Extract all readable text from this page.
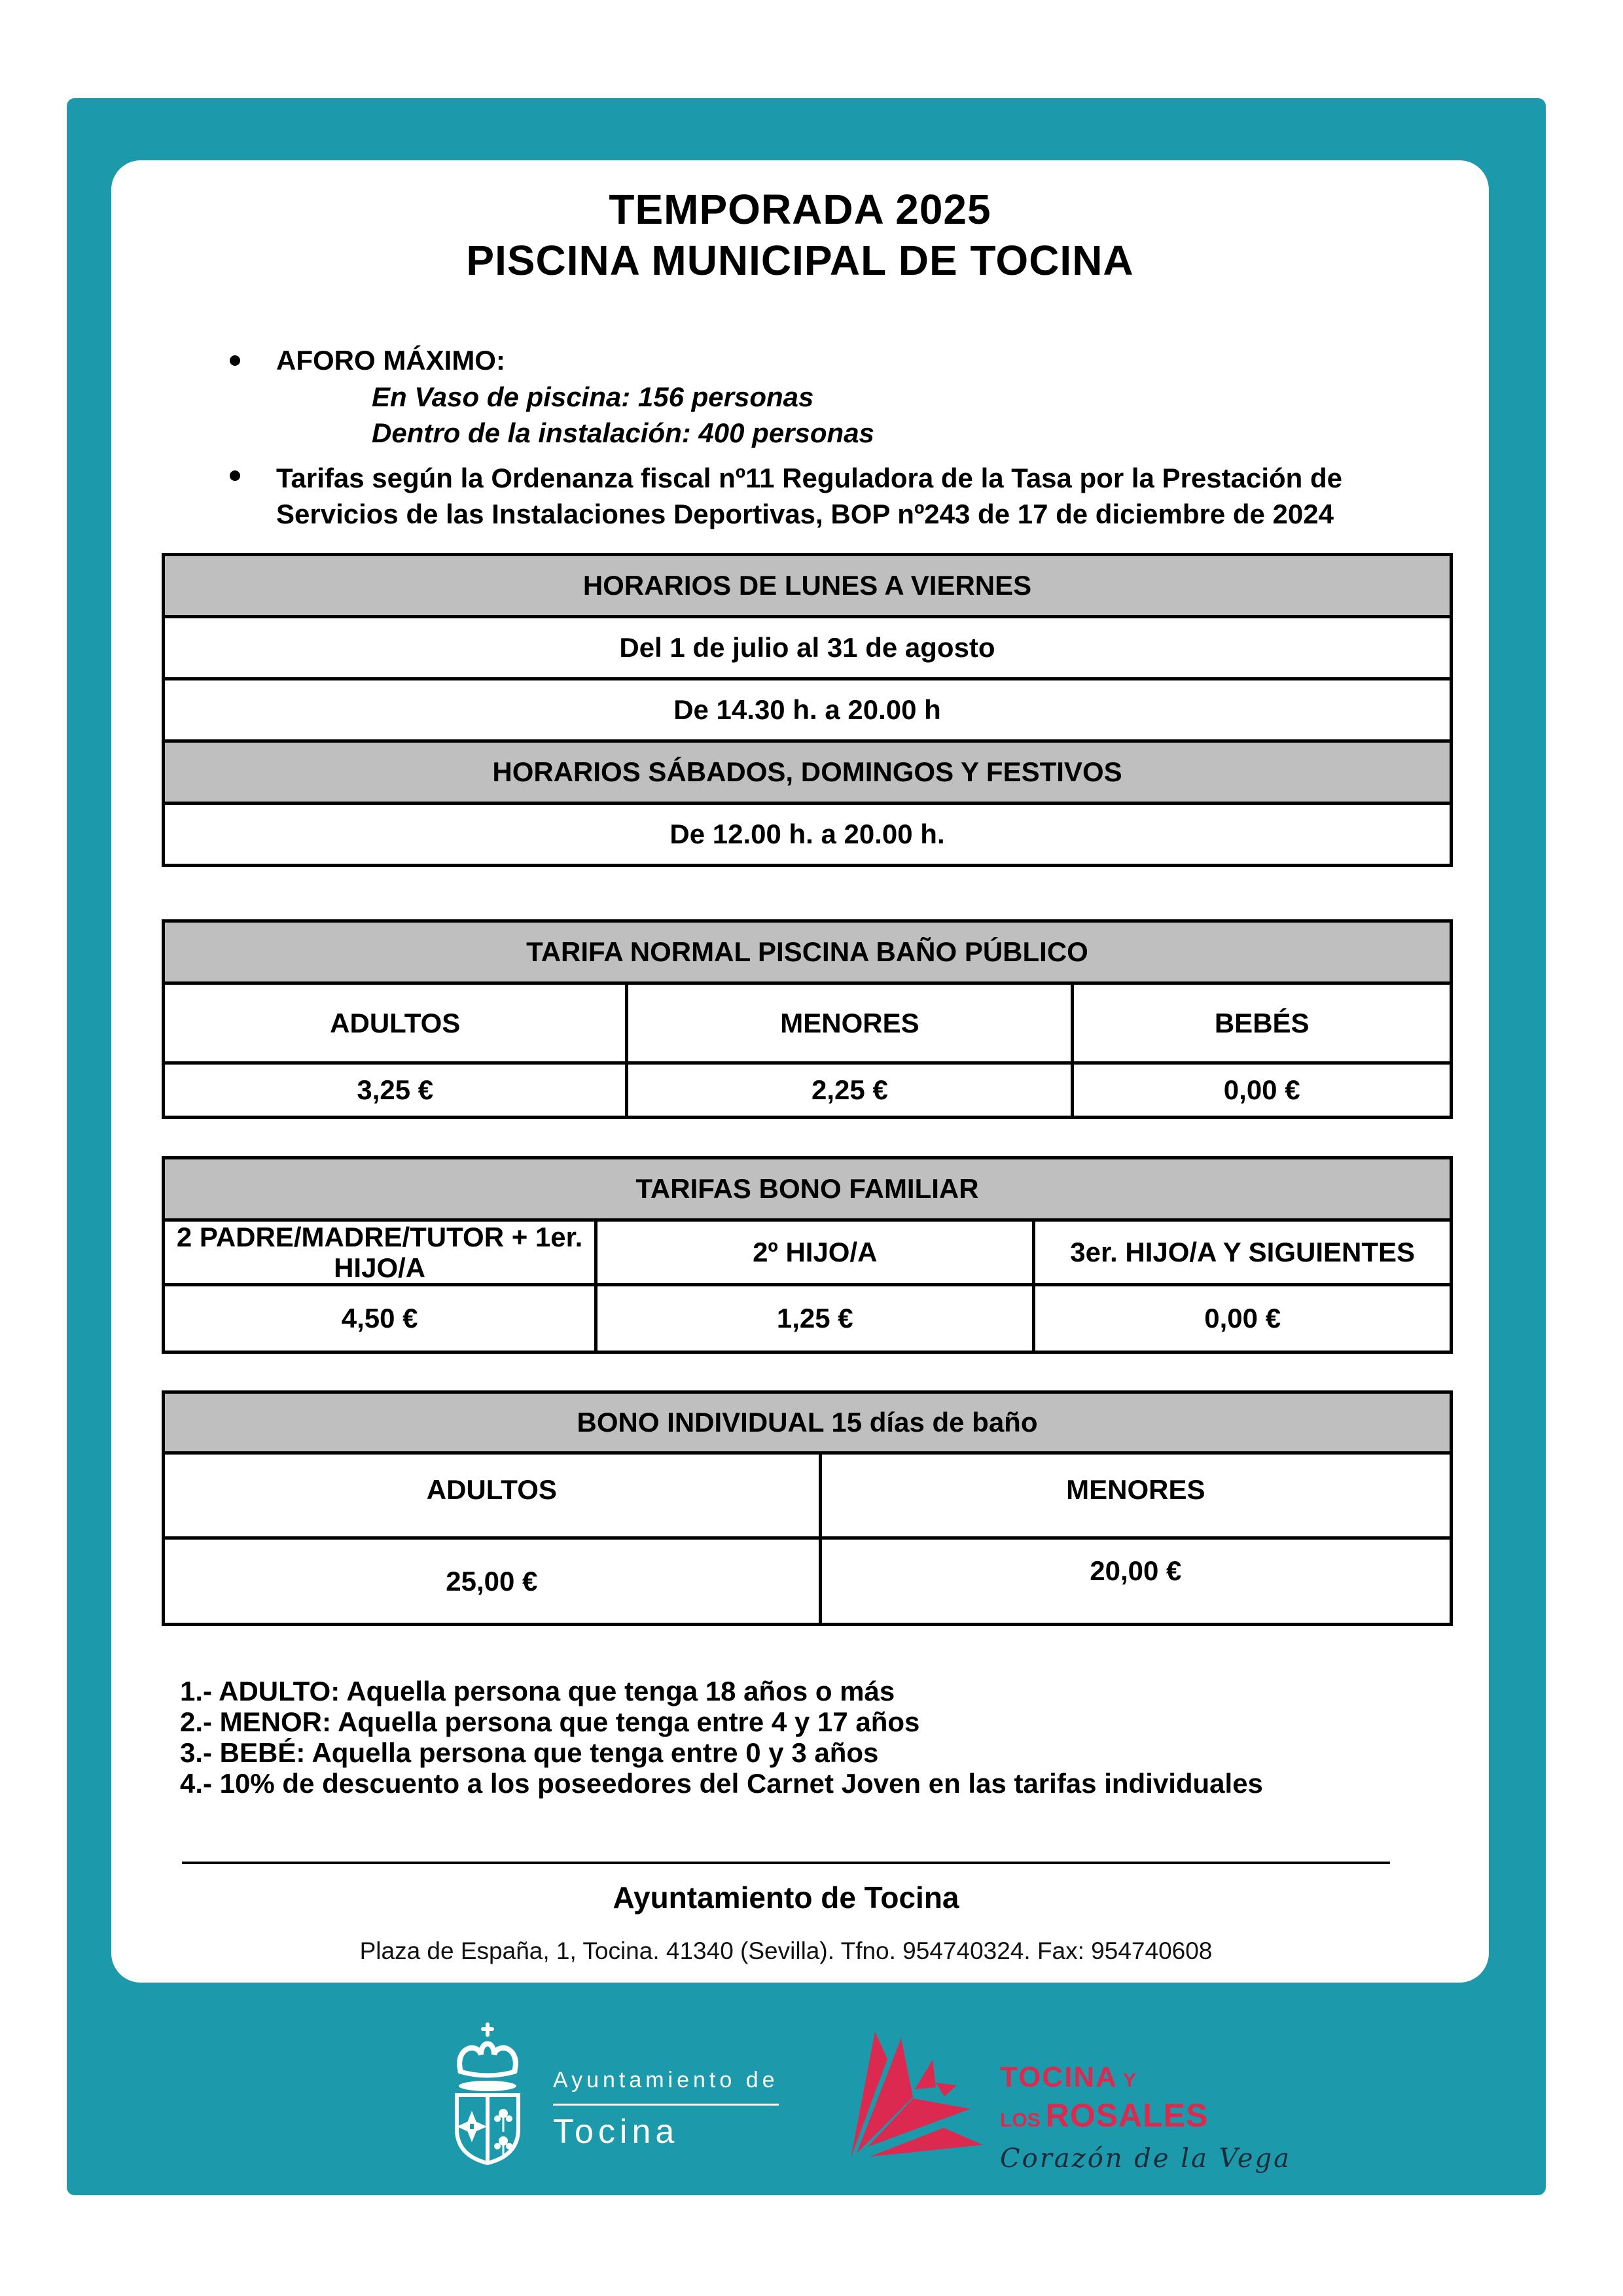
TEMPORADA 2025
PISCINA MUNICIPAL DE TOCINA
AFORO MÁXIMO:
En Vaso de piscina: 156 personas
Dentro de la instalación: 400 personas
Tarifas según la Ordenanza fiscal nº11 Reguladora de la Tasa por la Prestación de
Servicios de las Instalaciones Deportivas, BOP nº243 de 17 de diciembre de 2024
HORARIOS DE LUNES A VIERNES
Del 1 de julio al 31 de agosto
De 14.30 h. a 20.00 h
HORARIOS SÁBADOS, DOMINGOS Y FESTIVOS
De 12.00 h. a 20.00 h.
TARIFA NORMAL PISCINA BAÑO PÚBLICO		
ADULTOS	MENORES	BEBÉS
3,25 €	2,25 €	0,00 €
TARIFAS BONO FAMILIAR		
2 PADRE/MADRE/TUTOR + 1er. HIJO/A	2º HIJO/A	3er. HIJO/A Y SIGUIENTES
4,50 €	1,25 €	0,00 €
BONO INDIVIDUAL 15 días de baño	
ADULTOS	MENORES
25,00 €	20,00 €
1.- ADULTO: Aquella persona que tenga 18 años o más
2.- MENOR: Aquella persona que tenga entre 4 y 17 años
3.- BEBÉ: Aquella persona que tenga entre 0 y 3 años
4.- 10% de descuento a los poseedores del Carnet Joven en las tarifas individuales
Ayuntamiento de Tocina
Plaza de España, 1, Tocina. 41340 (Sevilla). Tfno. 954740324. Fax: 954740608
Ayuntamiento de
Tocina
TOCINA Y
LOS ROSALES
Corazón de la Vega
